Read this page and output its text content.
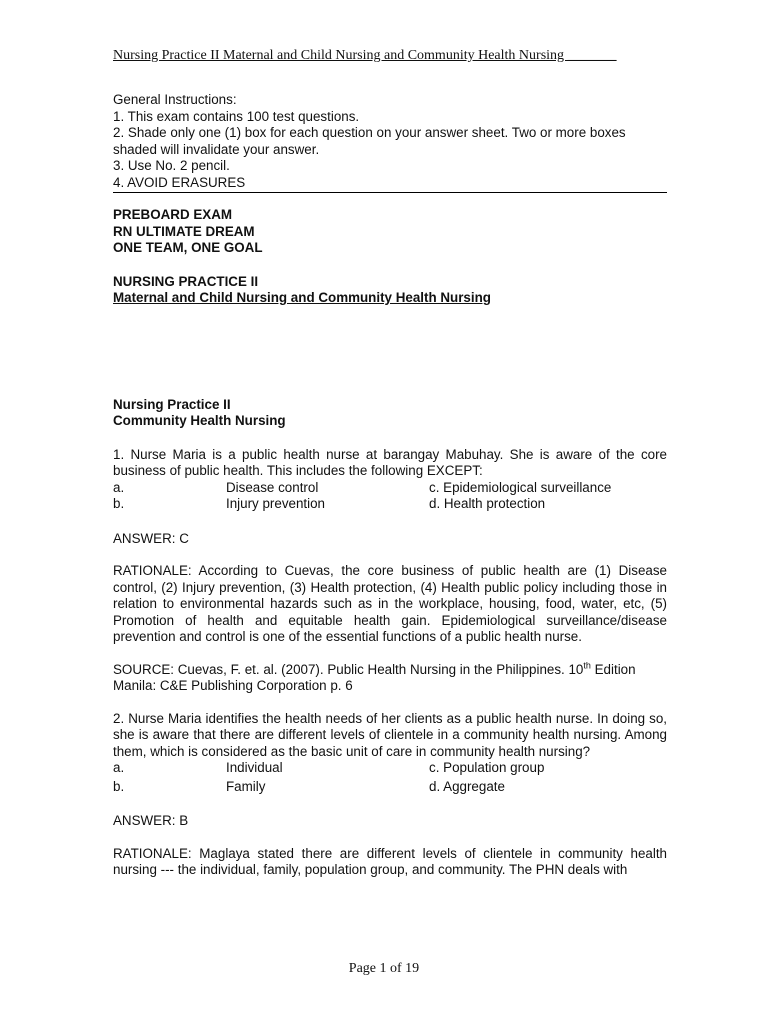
Nursing Practice II Maternal and Child Nursing and Community Health Nursing _______

General Instructions:

1. This exam contains 100 test questions.

2. Shade only one (1) box for each question on your answer sheet. Two or more boxes shaded will invalidate your answer.

3. Use No. 2 pencil.

4. AVOID ERASURES

PREBOARD EXAM

RN ULTIMATE DREAM

ONE TEAM, ONE GOAL

NURSING PRACTICE II

Maternal and Child Nursing and Community Health Nursing

Nursing Practice II

Community Health Nursing

1. Nurse Maria is a public health nurse at barangay Mabuhay. She is aware of the core business of public health. This includes the following EXCEPT:

a.	Disease control	c. Epidemiological surveillance
b.	Injury prevention	d. Health protection

ANSWER: C

RATIONALE: According to Cuevas, the core business of public health are (1) Disease control, (2) Injury prevention, (3) Health protection, (4) Health public policy including those in relation to environmental hazards such as in the workplace, housing, food, water, etc, (5) Promotion of health and equitable health gain. Epidemiological surveillance/disease prevention and control is one of the essential functions of a public health nurse.

SOURCE: Cuevas, F. et. al. (2007). Public Health Nursing in the Philippines. 10th Edition Manila: C&E Publishing Corporation p. 6

2. Nurse Maria identifies the health needs of her clients as a public health nurse. In doing so, she is aware that there are different levels of clientele in a community health nursing. Among them, which is considered as the basic unit of care in community health nursing?

a.	Individual	c. Population group
b.	Family	d. Aggregate

ANSWER: B

RATIONALE: Maglaya stated there are different levels of clientele in community health nursing --- the individual, family, population group, and community. The PHN deals with

Page 1 of 19
